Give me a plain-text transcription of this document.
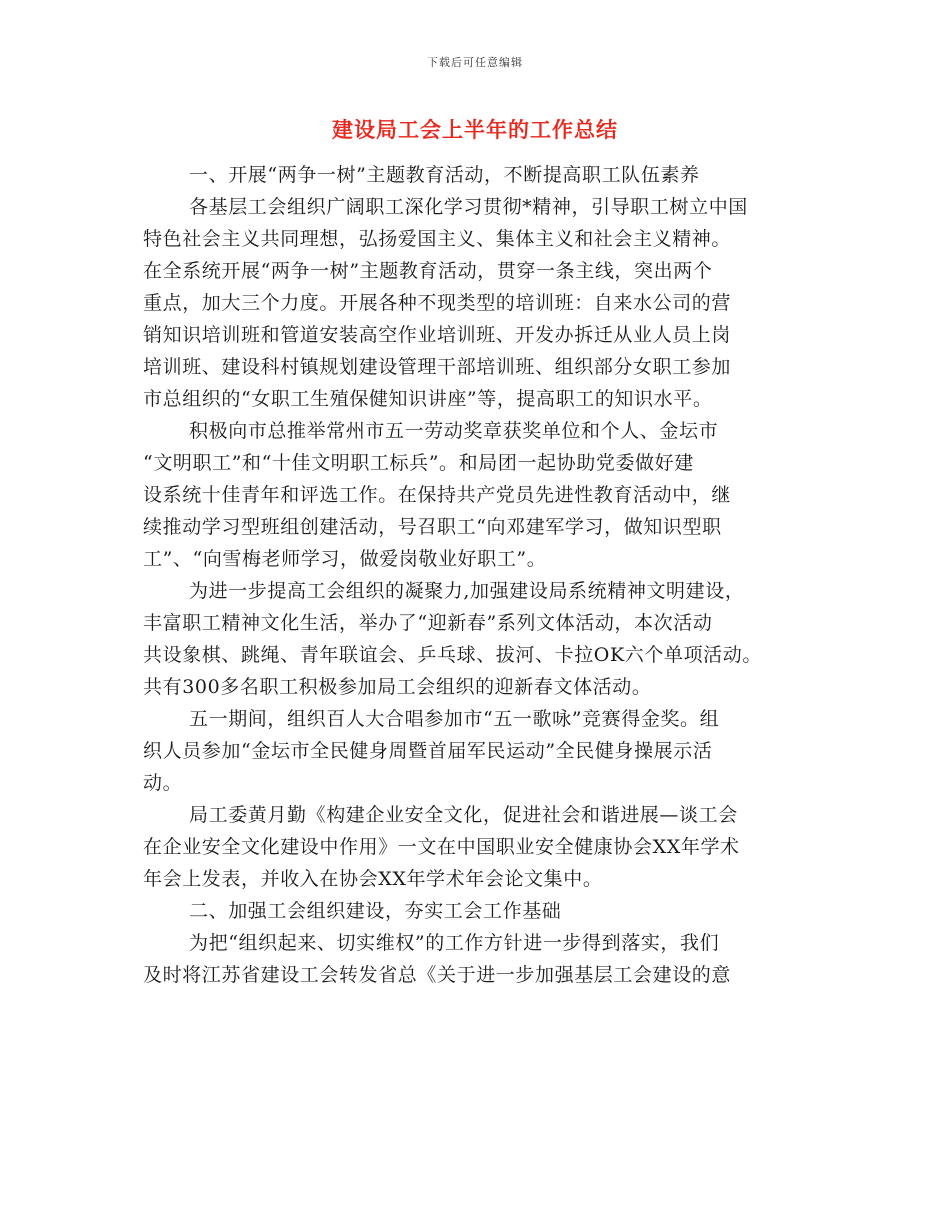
下载后可任意编辑
建设局工会上半年的工作总结
一、开展“两争一树”主题教育活动，不断提高职工队伍素养
各基层工会组织广阔职工深化学习贯彻*精神，引导职工树立中国
特色社会主义共同理想，弘扬爱国主义、集体主义和社会主义精神。
在全系统开展“两争一树”主题教育活动，贯穿一条主线，突出两个
重点，加大三个力度。开展各种不现类型的培训班：自来水公司的营
销知识培训班和管道安装高空作业培训班、开发办拆迁从业人员上岗
培训班、建设科村镇规划建设管理干部培训班、组织部分女职工参加
市总组织的“女职工生殖保健知识讲座”等，提高职工的知识水平。
积极向市总推举常州市五一劳动奖章获奖单位和个人、金坛市
“文明职工”和“十佳文明职工标兵”。和局团一起协助党委做好建
设系统十佳青年和评选工作。在保持共产党员先进性教育活动中，继
续推动学习型班组创建活动，号召职工“向邓建军学习，做知识型职
工”、“向雪梅老师学习，做爱岗敬业好职工”。
为进一步提高工会组织的凝聚力,加强建设局系统精神文明建设，
丰富职工精神文化生活，举办了“迎新春”系列文体活动，本次活动
共设象棋、跳绳、青年联谊会、乒乓球、拔河、卡拉OK六个单项活动。
共有300多名职工积极参加局工会组织的迎新春文体活动。
五一期间，组织百人大合唱参加市“五一歌咏”竞赛得金奖。组
织人员参加“金坛市全民健身周暨首届军民运动”全民健身操展示活
动。
局工委黄月勤《构建企业安全文化，促进社会和谐进展—谈工会
在企业安全文化建设中作用》一文在中国职业安全健康协会XX年学术
年会上发表，并收入在协会XX年学术年会论文集中。
二、加强工会组织建设，夯实工会工作基础
为把“组织起来、切实维权”的工作方针进一步得到落实，我们
及时将江苏省建设工会转发省总《关于进一步加强基层工会建设的意
